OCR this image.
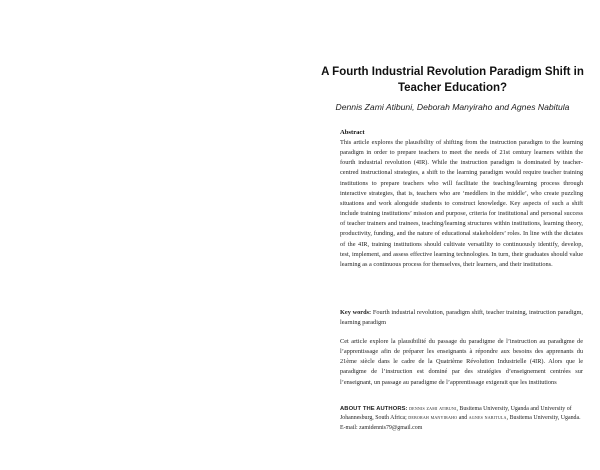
A Fourth Industrial Revolution Paradigm Shift in Teacher Education?
Dennis Zami Atibuni, Deborah Manyiraho and Agnes Nabitula
Abstract
This article explores the plausibility of shifting from the instruction paradigm to the learning paradigm in order to prepare teachers to meet the needs of 21st century learners within the fourth industrial revolution (4IR). While the instruction paradigm is dominated by teacher-centred instructional strategies, a shift to the learning paradigm would require teacher training institutions to prepare teachers who will facilitate the teaching/learning process through interactive strategies, that is, teachers who are ‘meddlers in the middle’, who create puzzling situations and work alongside students to construct knowledge. Key aspects of such a shift include training institutions’ mission and purpose, criteria for institutional and personal success of teacher trainers and trainees, teaching/learning structures within institutions, learning theory, productivity, funding, and the nature of educational stakeholders’ roles. In line with the dictates of the 4IR, training institutions should cultivate versatility to continuously identify, develop, test, implement, and assess effective learning technologies. In turn, their graduates should value learning as a continuous process for themselves, their learners, and their institutions.
Key words: Fourth industrial revolution, paradigm shift, teacher training, instruction paradigm, learning paradigm
Cet article explore la plausibilité du passage du paradigme de l’instruction au paradigme de l’apprentissage afin de préparer les enseignants à répondre aux besoins des apprenants du 21ème siècle dans le cadre de la Quatrième Révolution Industrielle (4IR). Alors que le paradigme de l’instruction est dominé par des stratégies d’enseignement centrées sur l’enseignant, un passage au paradigme de l’apprentissage exigerait que les institutions
ABOUT THE AUTHORS: dennis zami atibuni, Busitema University, Uganda and University of Johannesburg, South Africa; deborah manyiraho and agnes nabitula, Busitema University, Uganda. E-mail: zamidennis79@gmail.com
